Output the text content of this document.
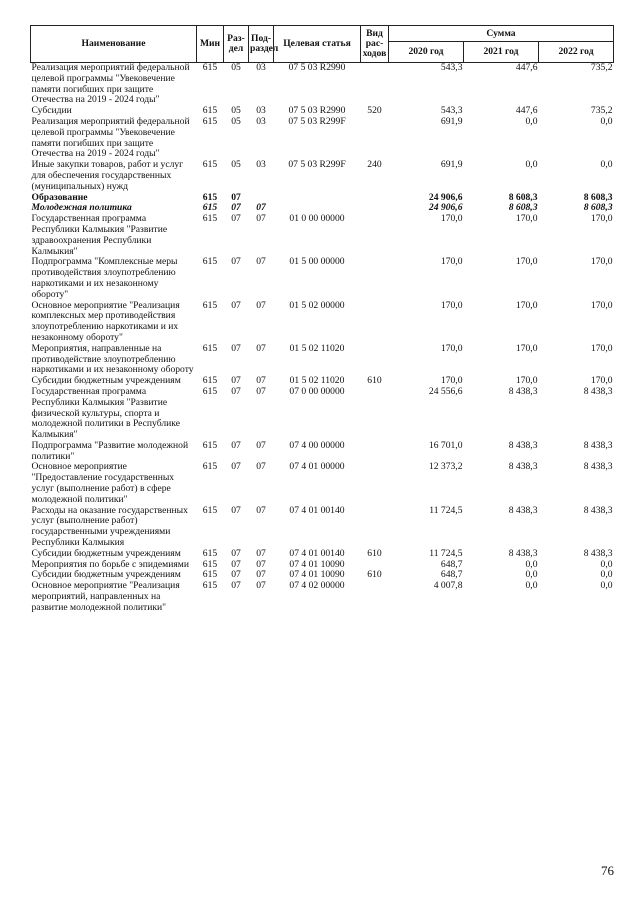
Наименование	Мин	Раз-дел	Под-раздел	Целевая статья	Вид рас-ходов	Сумма		
						2020 год	2021 год	2022 год
Реализация мероприятий федеральной целевой программы "Увековечение памяти погибших при защите Отечества на 2019 - 2024 годы"	615	05	03	07 5 03 R2990		543,3	447,6	735,2
Субсидии	615	05	03	07 5 03 R2990	520	543,3	447,6	735,2
Реализация мероприятий федеральной целевой программы "Увековечение памяти погибших при защите Отечества на 2019 - 2024 годы"	615	05	03	07 5 03 R299F		691,9	0,0	0,0
Иные закупки товаров, работ и услуг для обеспечения государственных (муниципальных) нужд	615	05	03	07 5 03 R299F	240	691,9	0,0	0,0
Образование	615	07				24 906,6	8 608,3	8 608,3
Молодежная политика	615	07	07			24 906,6	8 608,3	8 608,3
Государственная программа Республики Калмыкия "Развитие здравоохранения Республики Калмыкия"	615	07	07	01 0 00 00000		170,0	170,0	170,0
Подпрограмма "Комплексные меры противодействия злоупотреблению наркотиками и их незаконному обороту"	615	07	07	01 5 00 00000		170,0	170,0	170,0
Основное мероприятие "Реализация комплексных мер противодействия злоупотреблению наркотиками и их незаконному обороту"	615	07	07	01 5 02 00000		170,0	170,0	170,0
Мероприятия, направленные на противодействие злоупотреблению наркотиками и их незаконному обороту	615	07	07	01 5 02 11020		170,0	170,0	170,0
Субсидии бюджетным учреждениям	615	07	07	01 5 02 11020	610	170,0	170,0	170,0
Государственная программа Республики Калмыкия "Развитие физической культуры, спорта и молодежной политики в Республике Калмыкия"	615	07	07	07 0 00 00000		24 556,6	8 438,3	8 438,3
Подпрограмма "Развитие молодежной политики"	615	07	07	07 4 00 00000		16 701,0	8 438,3	8 438,3
Основное мероприятие "Предоставление государственных услуг (выполнение работ) в сфере молодежной политики"	615	07	07	07 4 01 00000		12 373,2	8 438,3	8 438,3
Расходы на оказание государственных услуг (выполнение работ) государственными учреждениями Республики Калмыкия	615	07	07	07 4 01 00140		11 724,5	8 438,3	8 438,3
Субсидии бюджетным учреждениям	615	07	07	07 4 01 00140	610	11 724,5	8 438,3	8 438,3
Мероприятия по борьбе с эпидемиями	615	07	07	07 4 01 10090		648,7	0,0	0,0
Субсидии бюджетным учреждениям	615	07	07	07 4 01 10090	610	648,7	0,0	0,0
Основное мероприятие "Реализация мероприятий, направленных на развитие молодежной политики"	615	07	07	07 4 02 00000		4 007,8	0,0	0,0
76
